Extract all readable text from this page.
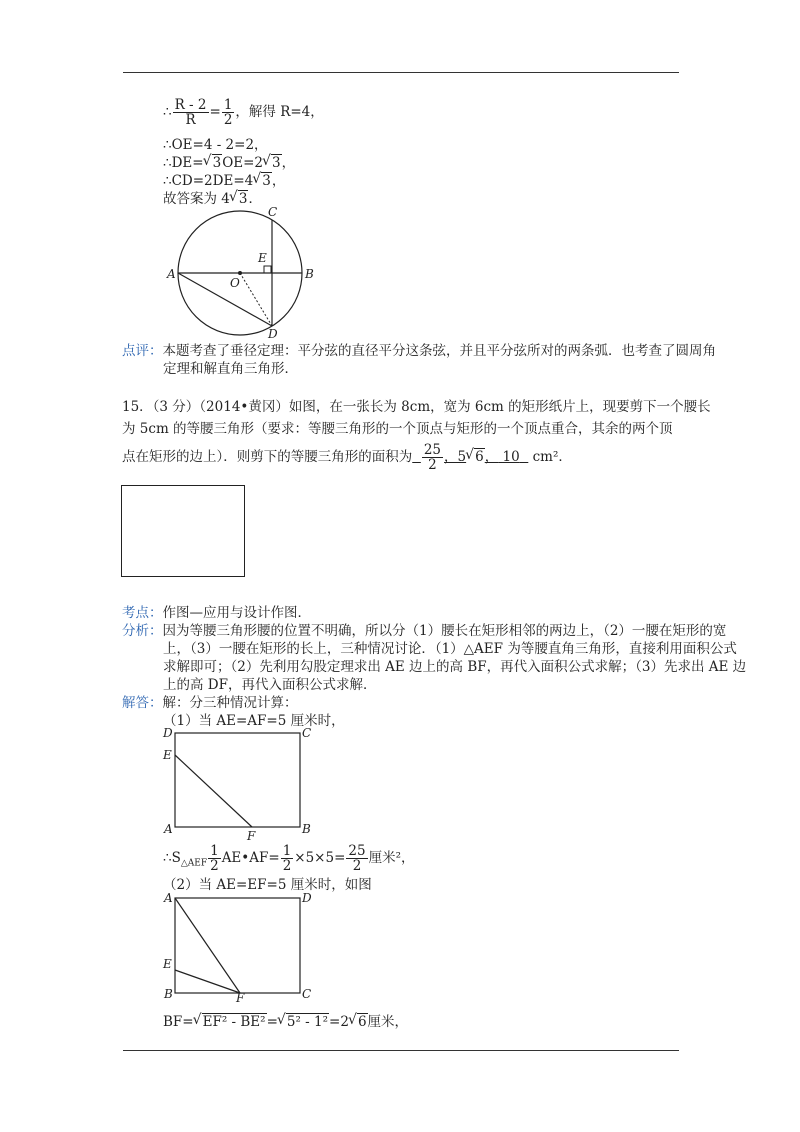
∴ $\frac{R - 2}{R} = \frac{1}{2}$ ，解得 R=4，
∴OE=4 - 2=2，
∴DE= √ 3OE=2 √ 3，
∴CD=2DE=4 √ 3，
故答案为 4 √ 3．
A	B
C
D
E
O
点评：本题考查了垂径定理：平分弦的直径平分这条弦，并且平分弦所对的两条弧．也考查了圆周角
定理和解直角三角形．
15．（3 分）（2014•黄冈）如图，在一张长为 8cm，宽为 6cm 的矩形纸片上，现要剪下一个腰长
为 5cm 的等腰三角形（要求：等腰三角形的一个顶点与矩形的一个顶点重合，其余的两个顶
点在矩形的边上）．则剪下的等腰三角形的面积为 $\frac{25}{2}$ ，5 √ 6， 10 cm²．
考点：作图—应用与设计作图．
分析：因为等腰三角形腰的位置不明确，所以分（1）腰长在矩形相邻的两边上，（2）一腰在矩形的宽
上，（3）一腰在矩形的长上，三种情况讨论．（1）△AEF 为等腰直角三角形，直接利用面积公式
求解即可；（2）先利用勾股定理求出 AE 边上的高 BF，再代入面积公式求解；（3）先求出 AE 边
上的高 DF，再代入面积公式求解．
解答：解：分三种情况计算：
（1）当 AE=AF=5 厘米时，
D	C
E
A	F	B
$\therefore S_{\triangle AEF} \frac{1}{2}$ AE•AF= $\frac{1}{2} \times 5\times 5= \frac{25}{2}$ 厘米²，
（2）当 AE=EF=5 厘米时，如图
A	D
E
B	F	C
BF= √ EF² - BE²= √ 5² - 1²=2 √ 6厘米，
